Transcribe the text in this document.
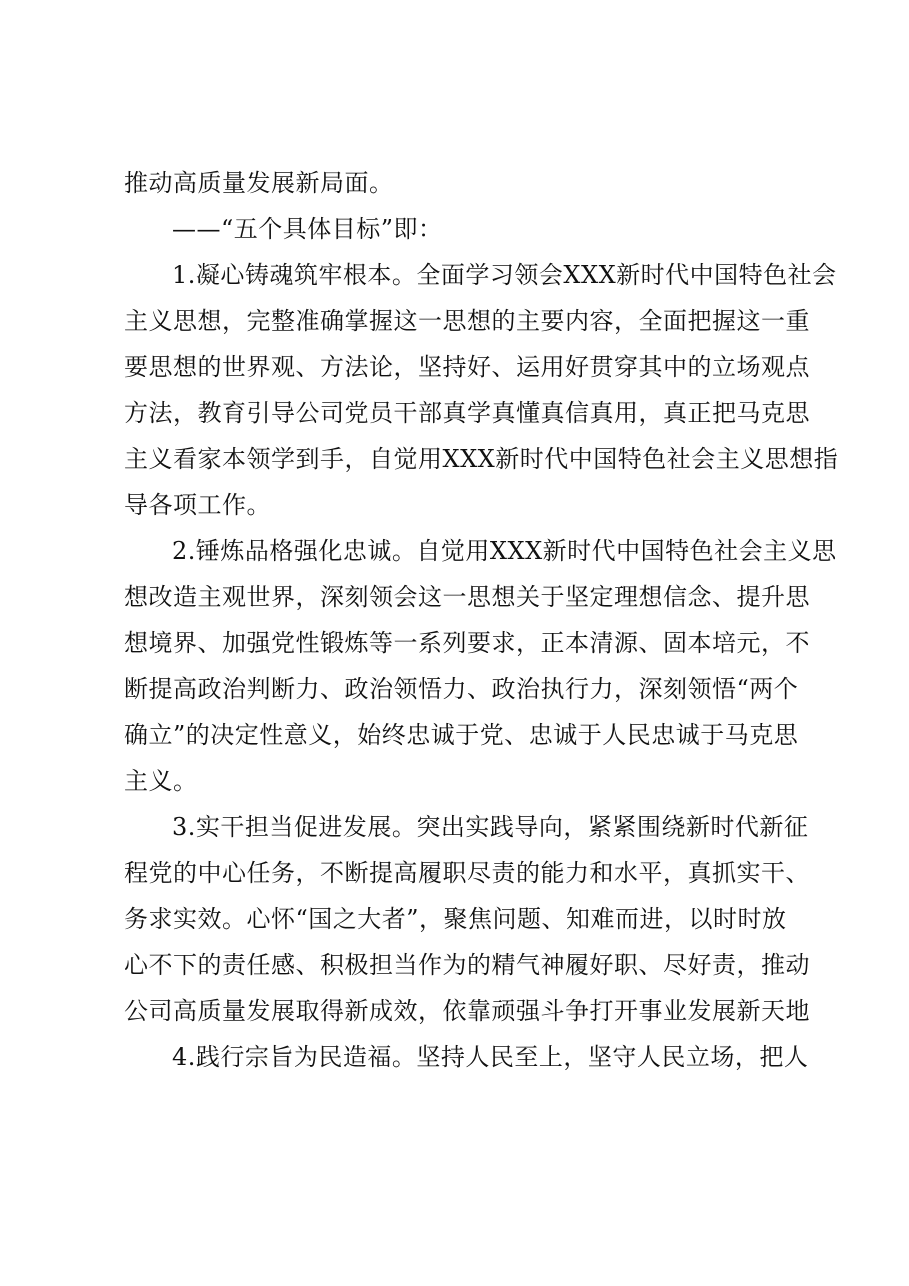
推动高质量发展新局面。
——“五个具体目标”即：
1.凝心铸魂筑牢根本。全面学习领会XXX新时代中国特色社会
主义思想，完整准确掌握这一思想的主要内容，全面把握这一重
要思想的世界观、方法论，坚持好、运用好贯穿其中的立场观点
方法，教育引导公司党员干部真学真懂真信真用，真正把马克思
主义看家本领学到手，自觉用XXX新时代中国特色社会主义思想指
导各项工作。
2.锤炼品格强化忠诚。自觉用XXX新时代中国特色社会主义思
想改造主观世界，深刻领会这一思想关于坚定理想信念、提升思
想境界、加强党性锻炼等一系列要求，正本清源、固本培元，不
断提高政治判断力、政治领悟力、政治执行力，深刻领悟“两个
确立”的决定性意义，始终忠诚于党、忠诚于人民忠诚于马克思
主义。
3.实干担当促进发展。突出实践导向，紧紧围绕新时代新征
程党的中心任务，不断提高履职尽责的能力和水平，真抓实干、
务求实效。心怀“国之大者”，聚焦问题、知难而进，以时时放
心不下的责任感、积极担当作为的精气神履好职、尽好责，推动
公司高质量发展取得新成效，依靠顽强斗争打开事业发展新天地
4.践行宗旨为民造福。坚持人民至上，坚守人民立场，把人
